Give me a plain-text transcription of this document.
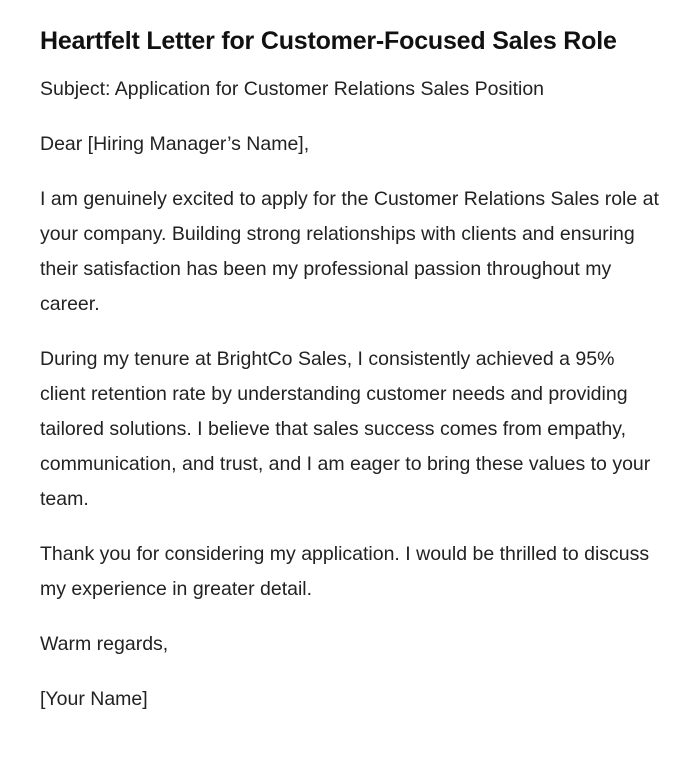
Heartfelt Letter for Customer-Focused Sales Role

Subject: Application for Customer Relations Sales Position

Dear [Hiring Manager’s Name],

I am genuinely excited to apply for the Customer Relations Sales role at your company. Building strong relationships with clients and ensuring their satisfaction has been my professional passion throughout my career.

During my tenure at BrightCo Sales, I consistently achieved a 95% client retention rate by understanding customer needs and providing tailored solutions. I believe that sales success comes from empathy, communication, and trust, and I am eager to bring these values to your team.

Thank you for considering my application. I would be thrilled to discuss my experience in greater detail.

Warm regards,

[Your Name]
